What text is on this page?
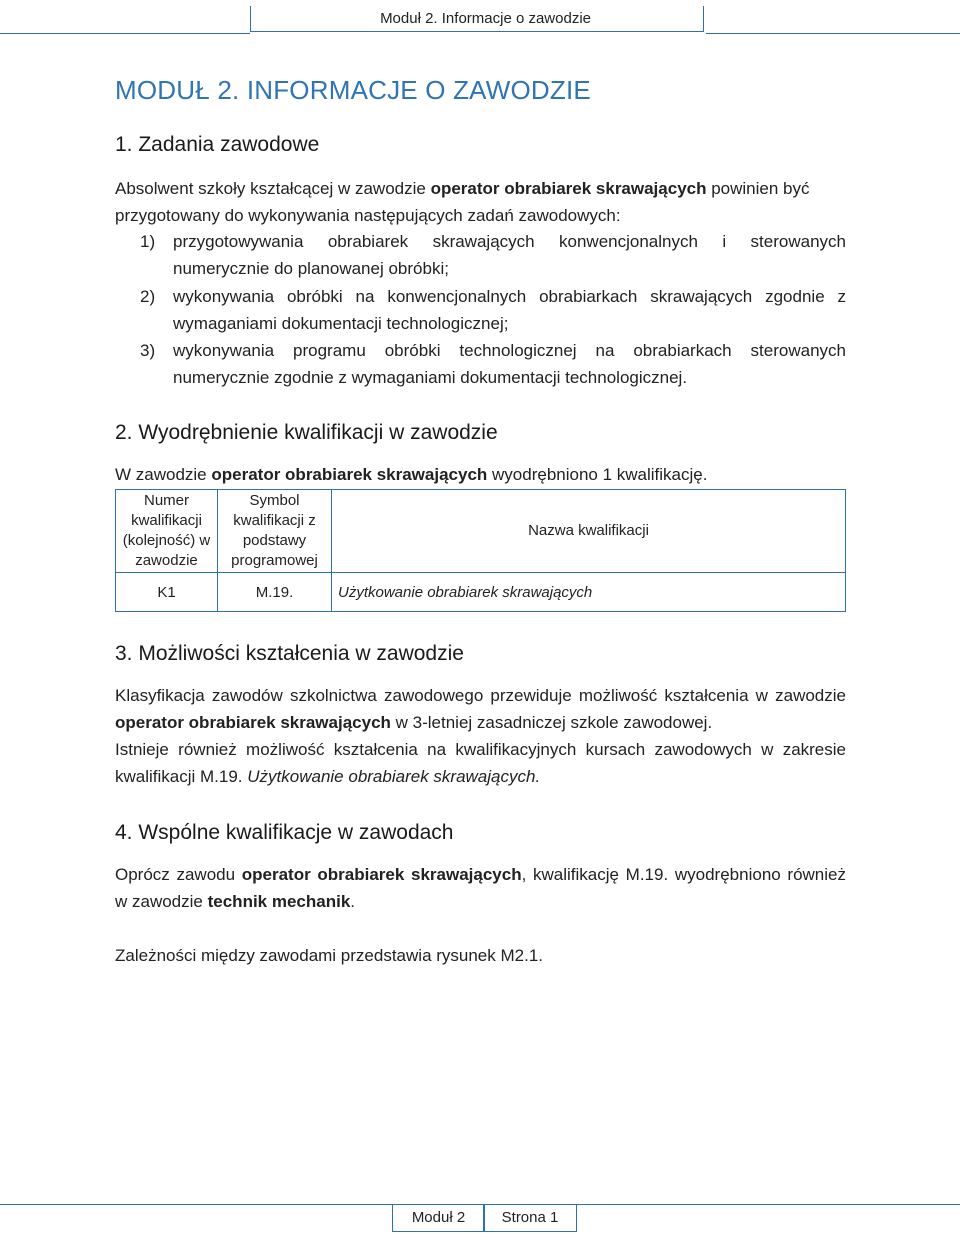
Moduł 2. Informacje o zawodzie
MODUŁ 2. INFORMACJE O ZAWODZIE
1. Zadania zawodowe

Absolwent szkoły kształcącej w zawodzie operator obrabiarek skrawających powinien być przygotowany do wykonywania następujących zadań zawodowych:

1)	przygotowywania obrabiarek skrawających konwencjonalnych i sterowanych numerycznie do planowanej obróbki;
2)	wykonywania obróbki na konwencjonalnych obrabiarkach skrawających zgodnie z wymaganiami dokumentacji technologicznej;
3)	wykonywania programu obróbki technologicznej na obrabiarkach sterowanych numerycznie zgodnie z wymaganiami dokumentacji technologicznej.
2. Wyodrębnienie kwalifikacji w zawodzie

W zawodzie operator obrabiarek skrawających wyodrębniono 1 kwalifikację.

Numer kwalifikacji (kolejność) w zawodzie	Symbol kwalifikacji z podstawy programowej	Nazwa kwalifikacji
K1	M.19.	Użytkowanie obrabiarek skrawających
3. Możliwości kształcenia w zawodzie

Klasyfikacja zawodów szkolnictwa zawodowego przewiduje możliwość kształcenia w zawodzie operator obrabiarek skrawających w 3-letniej zasadniczej szkole zawodowej.

Istnieje również możliwość kształcenia na kwalifikacyjnych kursach zawodowych w zakresie kwalifikacji M.19. Użytkowanie obrabiarek skrawających.

4. Wspólne kwalifikacje w zawodach

Oprócz zawodu operator obrabiarek skrawających, kwalifikację M.19. wyodrębniono również w zawodzie technik mechanik.

Zależności między zawodami przedstawia rysunek M2.1.

Moduł 2	Strona 1
